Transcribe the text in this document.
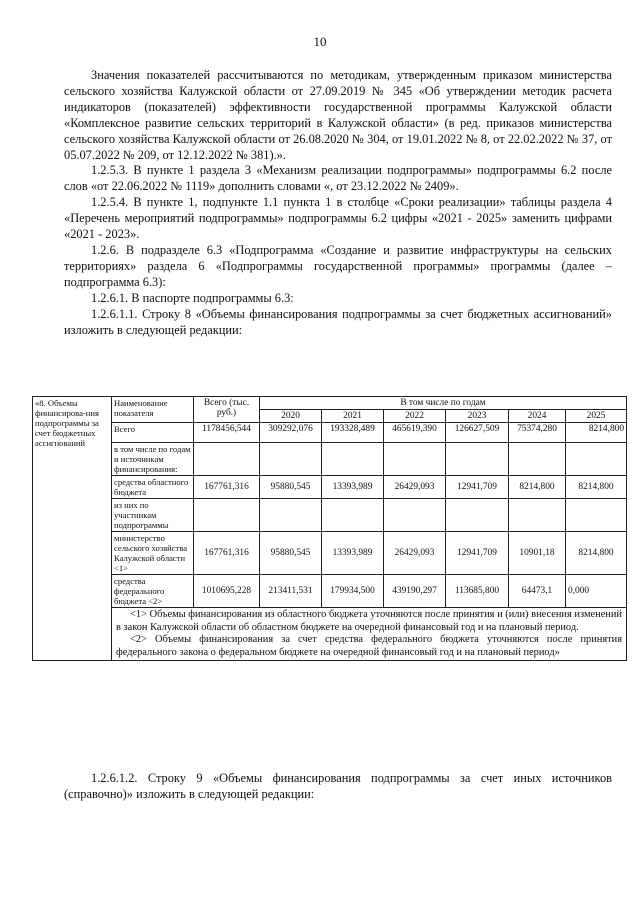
10

Значения показателей рассчитываются по методикам, утвержденным приказом министерства сельского хозяйства Калужской области от 27.09.2019 № 345 «Об утверждении методик расчета индикаторов (показателей) эффективности государственной программы Калужской области «Комплексное развитие сельских территорий в Калужской области» (в ред. приказов министерства сельского хозяйства Калужской области от 26.08.2020 № 304, от 19.01.2022 № 8, от 22.02.2022 № 37, от 05.07.2022 № 209, от 12.12.2022 № 381).».

1.2.5.3. В пункте 1 раздела 3 «Механизм реализации подпрограммы» подпрограммы 6.2 после слов «от 22.06.2022 № 1119» дополнить словами «, от 23.12.2022 № 2409».

1.2.5.4. В пункте 1, подпункте 1.1 пункта 1 в столбце «Сроки реализации» таблицы раздела 4 «Перечень мероприятий подпрограммы» подпрограммы 6.2 цифры «2021 - 2025» заменить цифрами «2021 - 2023».

1.2.6. В подразделе 6.3 «Подпрограмма «Создание и развитие инфраструктуры на сельских территориях» раздела 6 «Подпрограммы государственной программы» программы (далее – подпрограмма 6.3):

1.2.6.1. В паспорте подпрограммы 6.3:

1.2.6.1.1. Строку 8 «Объемы финансирования подпрограммы за счет бюджетных ассигнований» изложить в следующей редакции:

«8. Объемы финансирова-ния подпрограммы за счет бюджетных ассигнований	Наименование показателя	Всего (тыс. руб.)	В том числе по годам					
			2020	2021	2022	2023	2024	2025
	Всего	1178456,544	309292,076	193328,489	465619,390	126627,509	75374,280	8214,800
	в том числе по годам и источникам финансирования:							
	средства областного бюджета	167761,316	95880,545	13393,989	26429,093	12941,709	8214,800	8214,800
	из них по участникам подпрограммы							
	министерство сельского хозяйства Калужской области <1>	167761,316	95880,545	13393,989	26429,093	12941,709	10901,18	8214,800
	средства федерального бюджета <2>	1010695,228	213411,531	179934,500	439190,297	113685,800	64473,1	0,000

	<1> Объемы финансирования из областного бюджета уточняются после принятия и (или) внесения изменений в закон Калужской области об областном бюджете на очередной финансовый год и на плановый период.

<2> Объемы финансирования за счет средства федерального бюджета уточняются после принятия федерального закона о федеральном бюджете на очередной финансовый год и на плановый период»							

1.2.6.1.2. Строку 9 «Объемы финансирования подпрограммы за счет иных источников (справочно)» изложить в следующей редакции:
